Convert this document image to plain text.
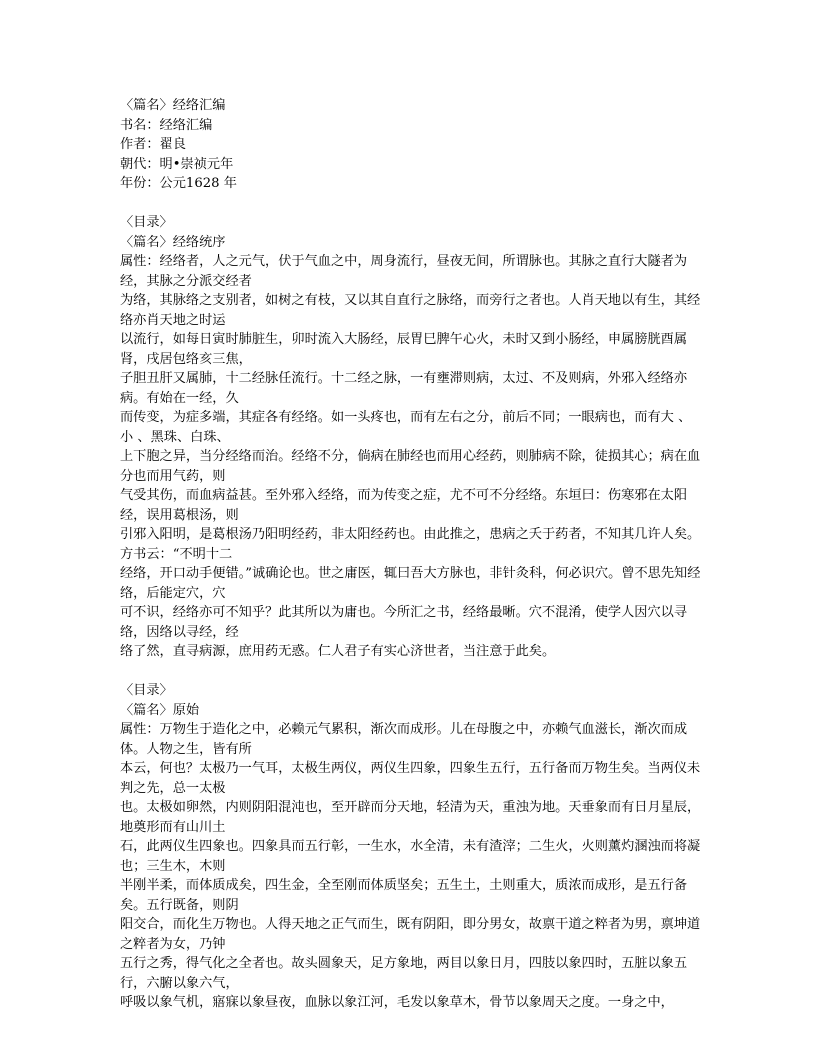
〈篇名〉经络汇编
书名：经络汇编
作者：翟良
朝代：明•崇祯元年
年份：公元1628 年
〈目录〉
〈篇名〉经络统序
属性：经络者，人之元气，伏于气血之中，周身流行，昼夜无间，所谓脉也。其脉之直行大隧者为经，其脉之分派交经者
为络，其脉络之支别者，如树之有枝，又以其自直行之脉络，而旁行之者也。人肖天地以有生，其经络亦肖天地之时运
以流行，如每日寅时肺脏生，卯时流入大肠经，辰胃巳脾午心火，未时又到小肠经，申属膀胱酉属肾，戌居包络亥三焦，
子胆丑肝又属肺，十二经脉任流行。十二经之脉，一有壅滞则病，太过、不及则病，外邪入经络亦病。有始在一经，久
而传变，为症多端，其症各有经络。如一头疼也，而有左右之分，前后不同；一眼病也，而有大 、小 、黑珠、白珠、
上下胞之异，当分经络而治。经络不分，倘病在肺经也而用心经药，则肺病不除，徒损其心；病在血分也而用气药，则
气受其伤，而血病益甚。至外邪入经络，而为传变之症，尤不可不分经络。东垣曰：伤寒邪在太阳经，误用葛根汤，则
引邪入阳明，是葛根汤乃阳明经药，非太阳经药也。由此推之，患病之夭于药者，不知其几许人矣。方书云：“不明十二
经络，开口动手便错。”诚确论也。世之庸医，辄曰吾大方脉也，非针灸科，何必识穴。曾不思先知经络，后能定穴，穴
可不识，经络亦可不知乎？此其所以为庸也。今所汇之书，经络最晰。穴不混淆，使学人因穴以寻络，因络以寻经，经
络了然，直寻病源，庶用药无惑。仁人君子有实心济世者，当注意于此矣。
〈目录〉
〈篇名〉原始
属性：万物生于造化之中，必赖元气累积，渐次而成形。儿在母腹之中，亦赖气血滋长，渐次而成体。人物之生，皆有所
本云，何也？太极乃一气耳，太极生两仪，两仪生四象，四象生五行，五行备而万物生矣。当两仪未判之先，总一太极
也。太极如卵然，内则阴阳混沌也，至开辟而分天地，轻清为天，重浊为地。天垂象而有日月星辰，地奠形而有山川土
石，此两仪生四象也。四象具而五行彰，一生水，水全清，未有渣滓；二生火，火则薰灼溷浊而将凝也；三生木，木则
半刚半柔，而体质成矣，四生金，全至刚而体质坚矣；五生土，土则重大，质浓而成形，是五行备矣。五行既备，则阴
阳交合，而化生万物也。人得天地之正气而生，既有阴阳，即分男女，故禀干道之粹者为男，禀坤道之粹者为女，乃钟
五行之秀，得气化之全者也。故头圆象天，足方象地，两目以象日月，四肢以象四时，五脏以象五行，六腑以象六气，
呼吸以象气机，寤寐以象昼夜，血脉以象江河，毛发以象草木，骨节以象周天之度。一身之中，
